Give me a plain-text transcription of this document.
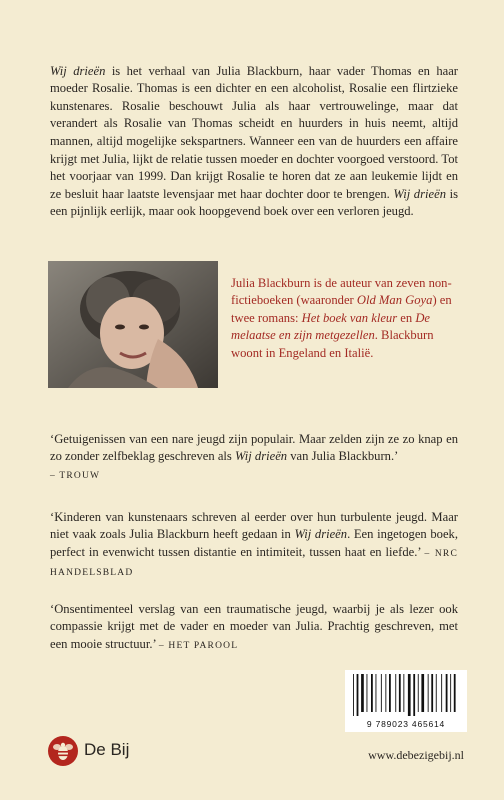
Wij drieën is het verhaal van Julia Blackburn, haar vader Thomas en haar moeder Rosalie. Thomas is een dichter en een alcoholist, Rosalie een flirtzieke kunstenares. Rosalie beschouwt Julia als haar vertrouwelinge, maar dat verandert als Rosalie van Thomas scheidt en huurders in huis neemt, altijd mannen, altijd mogelijke sekspartners. Wanneer een van de huurders een affaire krijgt met Julia, lijkt de relatie tussen moeder en dochter voorgoed verstoord. Tot het voorjaar van 1999. Dan krijgt Rosalie te horen dat ze aan leukemie lijdt en ze besluit haar laatste levensjaar met haar dochter door te brengen. Wij drieën is een pijnlijk eerlijk, maar ook hoopgevend boek over een verloren jeugd.

Julia Blackburn is de auteur van zeven non-fictieboeken (waaronder Old Man Goya) en twee romans: Het boek van kleur en De melaatse en zijn metgezellen. Blackburn woont in Engeland en Italië.

‘Getuigenissen van een nare jeugd zijn populair. Maar zelden zijn ze zo knap en zo zonder zelfbeklag geschreven als Wij drieën van Julia Blackburn.’
– TROUW

‘Kinderen van kunstenaars schreven al eerder over hun turbulente jeugd. Maar niet vaak zoals Julia Blackburn heeft gedaan in Wij drieën. Een ingetogen boek, perfect in evenwicht tussen distantie en intimiteit, tussen haat en liefde.’ – NRC HANDELSBLAD

‘Onsentimenteel verslag van een traumatische jeugd, waarbij je als lezer ook compassie krijgt met de vader en moeder van Julia. Prachtig geschreven, met een mooie structuur.’ – HET PAROOL

9 789023 465614
De Bij	www.debezigebij.nl
